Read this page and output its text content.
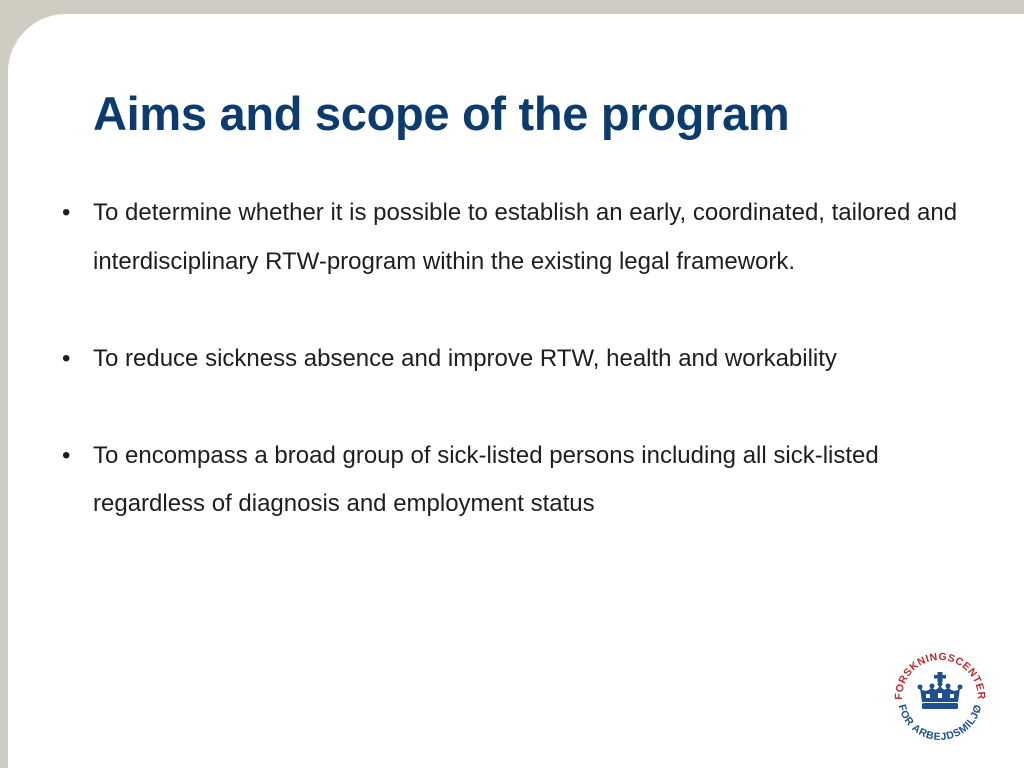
Aims and scope of the program
• To determine whether it is possible to establish an early, coordinated, tailored and interdisciplinary RTW-program within the existing legal framework.
• To reduce sickness absence and improve RTW, health and workability
• To encompass a broad group of sick-listed persons including all sick-listed regardless of diagnosis and employment status
FORSKNINGSCENTER
FOR ARBEJDSMILJØ
